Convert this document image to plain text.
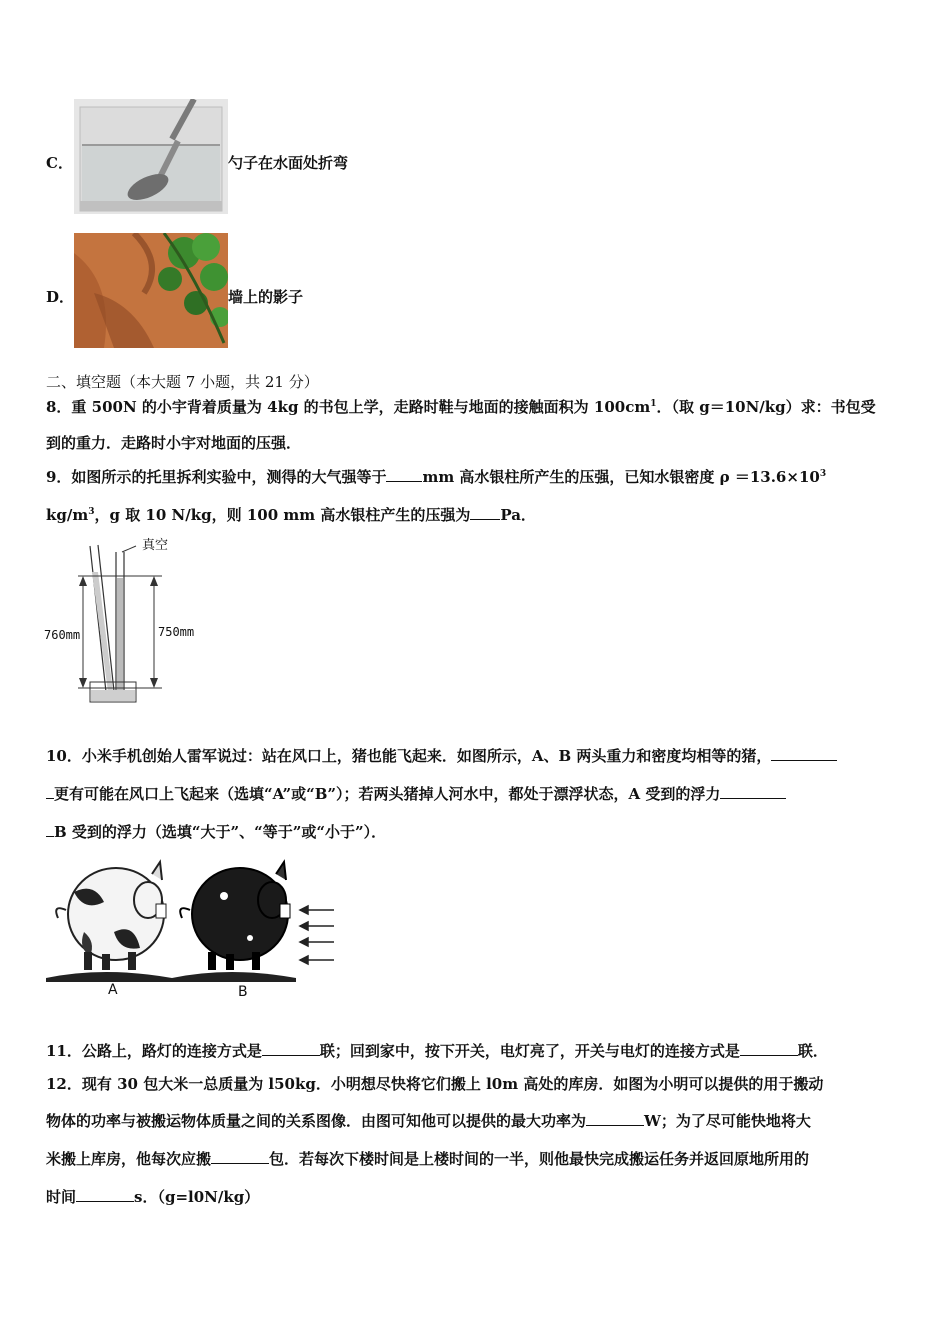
C．	勺子在水面处折弯
D．	墙上的影子
二、填空题（本大题 7 小题，共 21 分）
8．重 500N 的小宇背着质量为 4kg 的书包上学，走路时鞋与地面的接触面积为 $100cm^1$．（取 g＝10N/kg）求：书包受
到的重力．走路时小宇对地面的压强．
9．如图所示的托里拆利实验中，测得的大气强等于 mm 高水银柱所产生的压强，已知水银密度 $\rho =13.6\times 10^3$
$kg/m^3$，g 取 10 N/kg，则 100 mm 高水银柱产生的压强为 Pa．
真空
760mm	750mm
10．小米手机创始人雷军说过：站在风口上，猪也能飞起来．如图所示，A、B 两头重力和密度均相等的猪，
更有可能在风口上飞起来（选填“A”或“B”）；若两头猪掉人河水中，都处于漂浮状态，A 受到的浮力
B 受到的浮力（选填“大于”、“等于”或“小于”）．
A	B
11．公路上，路灯的连接方式是	联；回到家中，按下开关，电灯亮了，开关与电灯的连接方式是	联．
12．现有 30 包大米一总质量为 l50kg．小明想尽快将它们搬上 l0m 高处的库房．如图为小明可以提供的用于搬动
物体的功率与被搬运物体质量之间的关系图像．由图可知他可以提供的最大功率为	W；为了尽可能快地将大
米搬上库房，他每次应搬	包．若每次下楼时间是上楼时间的一半，则他最快完成搬运任务并返回原地所用的
时间	s．（g=l0N/kg）
